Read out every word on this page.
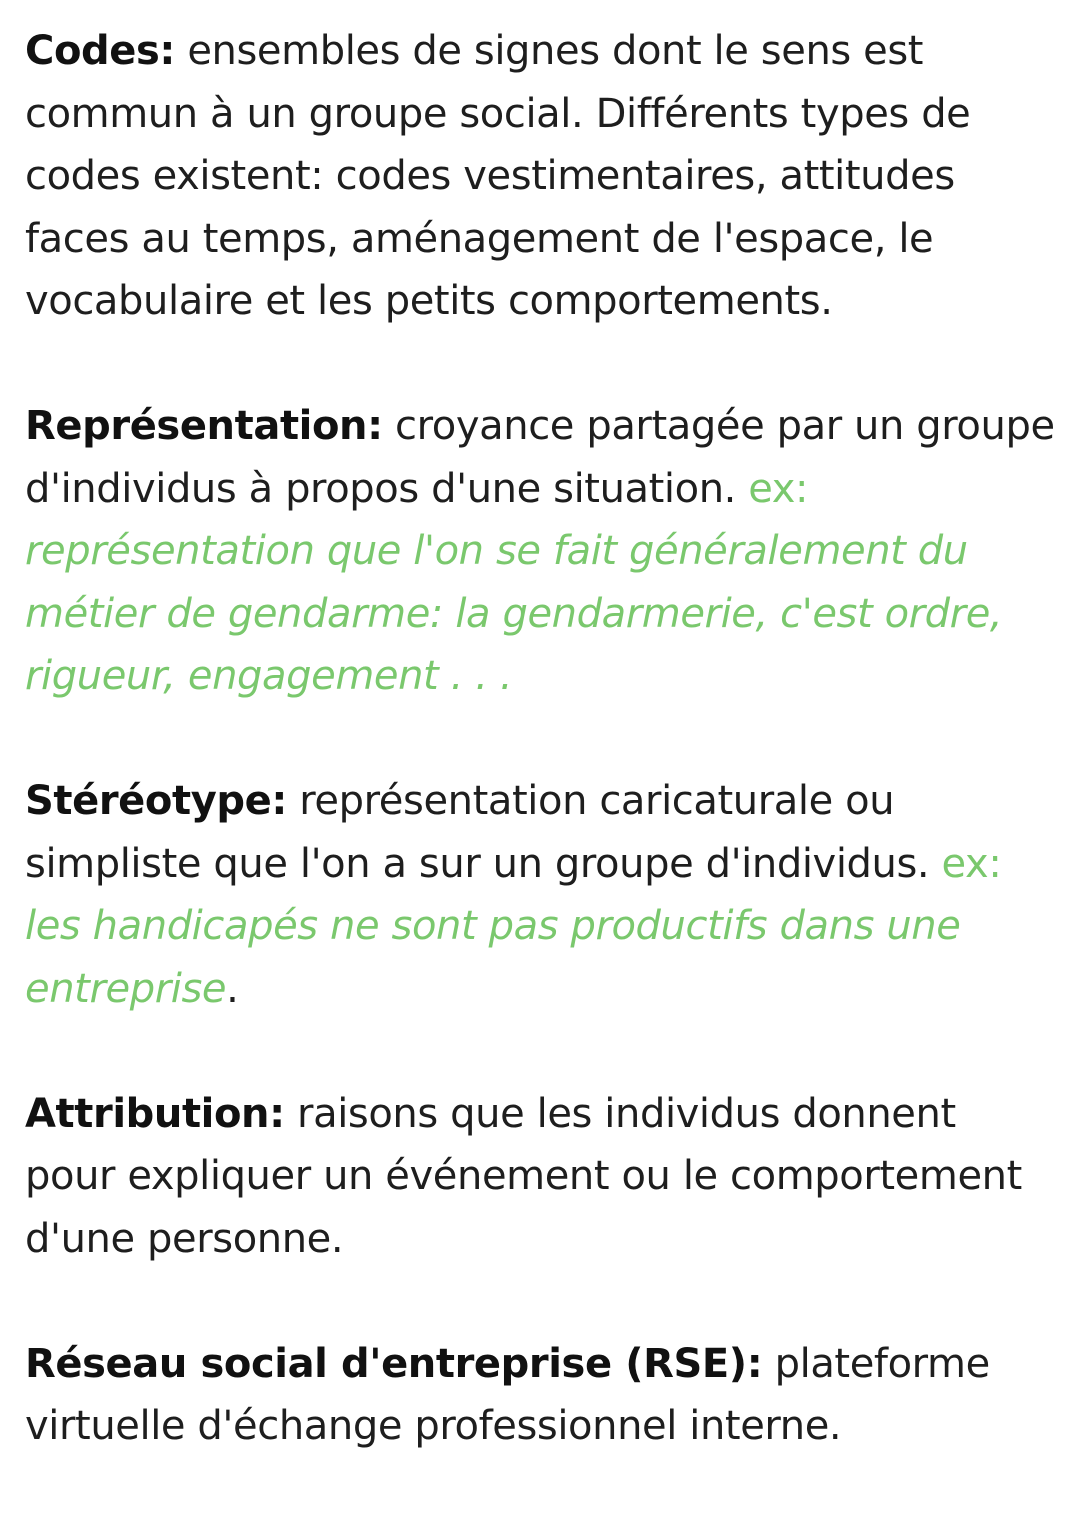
Codes: ensembles de signes dont le sens est commun à un groupe social. Différents types de codes existent: codes vestimentaires, attitudes faces au temps, aménagement de l'espace, le vocabulaire et les petits comportements.

Représentation: croyance partagée par un groupe d'individus à propos d'une situation. ex: représentation que l'on se fait généralement du métier de gendarme: la gendarmerie, c'est ordre, rigueur, engagement . . .

Stéréotype: représentation caricaturale ou simpliste que l'on a sur un groupe d'individus. ex: les handicapés ne sont pas productifs dans une entreprise.

Attribution: raisons que les individus donnent pour expliquer un événement ou le comportement d'une personne.

Réseau social d'entreprise (RSE): plateforme virtuelle d'échange professionnel interne.
